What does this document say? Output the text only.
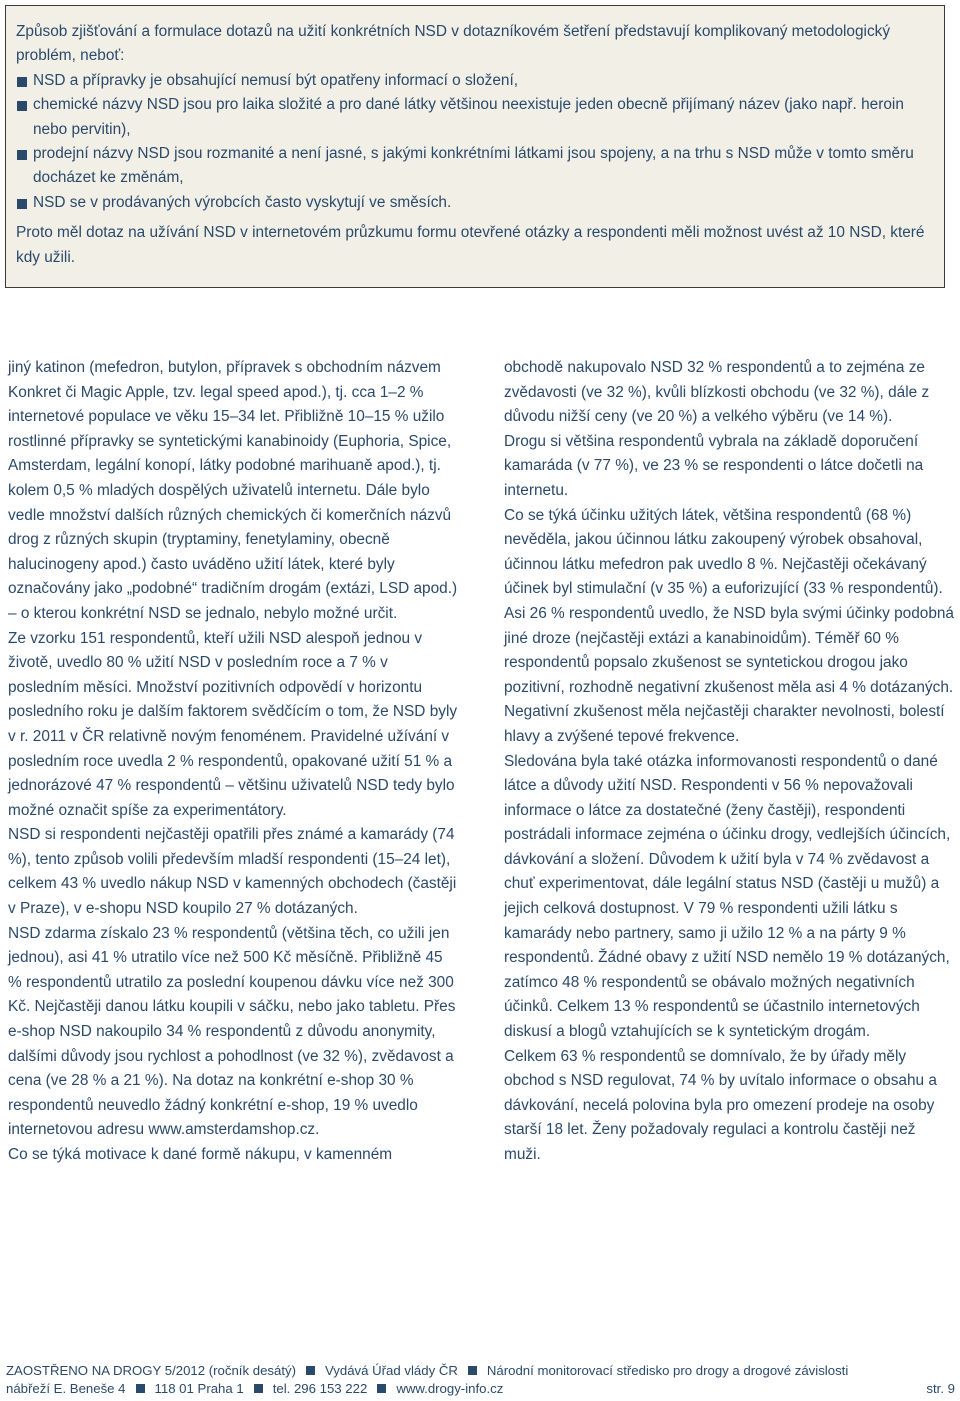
Způsob zjišťování a formulace dotazů na užití konkrétních NSD v dotazníkovém šetření představují komplikovaný metodologický problém, neboť:

NSD a přípravky je obsahující nemusí být opatřeny informací o složení,

chemické názvy NSD jsou pro laika složité a pro dané látky většinou neexistuje jeden obecně přijímaný název (jako např. heroin nebo pervitin),

prodejní názvy NSD jsou rozmanité a není jasné, s jakými konkrétními látkami jsou spojeny, a na trhu s NSD může v tomto směru docházet ke změnám,

NSD se v prodávaných výrobcích často vyskytují ve směsích.

Proto měl dotaz na užívání NSD v internetovém průzkumu formu otevřené otázky a respondenti měli možnost uvést až 10 NSD, které kdy užili.

jiný katinon (mefedron, butylon, přípravek s obchodním názvem Konkret či Magic Apple, tzv. legal speed apod.), tj. cca 1–2 % internetové populace ve věku 15–34 let. Přibližně 10–15 % užilo rostlinné přípravky se syntetickými kanabinoidy (Euphoria, Spice, Amsterdam, legální konopí, látky podobné marihuaně apod.), tj. kolem 0,5 % mladých dospělých uživatelů internetu. Dále bylo vedle množství dalších různých chemických či komerčních názvů drog z různých skupin (tryptaminy, fenetylaminy, obecně halucinogeny apod.) často uváděno užití látek, které byly označovány jako „podobné“ tradičním drogám (extázi, LSD apod.) – o kterou konkrétní NSD se jednalo, nebylo možné určit.

Ze vzorku 151 respondentů, kteří užili NSD alespoň jednou v životě, uvedlo 80 % užití NSD v posledním roce a 7 % v posledním měsíci. Množství pozitivních odpovědí v horizontu posledního roku je dalším faktorem svědčícím o tom, že NSD byly v r. 2011 v ČR relativně novým fenoménem. Pravidelné užívání v posledním roce uvedla 2 % respondentů, opakované užití 51 % a jednorázové 47 % respondentů – většinu uživatelů NSD tedy bylo možné označit spíše za experimentátory.

NSD si respondenti nejčastěji opatřili přes známé a kamarády (74 %), tento způsob volili především mladší respondenti (15–24 let), celkem 43 % uvedlo nákup NSD v kamenných obchodech (častěji v Praze), v e-shopu NSD koupilo 27 % dotázaných.

NSD zdarma získalo 23 % respondentů (většina těch, co užili jen jednou), asi 41 % utratilo více než 500 Kč měsíčně. Přibližně 45 % respondentů utratilo za poslední koupenou dávku více než 300 Kč. Nejčastěji danou látku koupili v sáčku, nebo jako tabletu. Přes e-shop NSD nakoupilo 34 % respondentů z důvodu anonymity, dalšími důvody jsou rychlost a pohodlnost (ve 32 %), zvědavost a cena (ve 28 % a 21 %). Na dotaz na konkrétní e-shop 30 % respondentů neuvedlo žádný konkrétní e-shop, 19 % uvedlo internetovou adresu www.amsterdamshop.cz.

Co se týká motivace k dané formě nákupu, v kamenném

obchodě nakupovalo NSD 32 % respondentů a to zejména ze zvědavosti (ve 32 %), kvůli blízkosti obchodu (ve 32 %), dále z důvodu nižší ceny (ve 20 %) a velkého výběru (ve 14 %).

Drogu si většina respondentů vybrala na základě doporučení kamaráda (v 77 %), ve 23 % se respondenti o látce dočetli na internetu.

Co se týká účinku užitých látek, většina respondentů (68 %) nevěděla, jakou účinnou látku zakoupený výrobek obsahoval, účinnou látku mefedron pak uvedlo 8 %. Nejčastěji očekávaný účinek byl stimulační (v 35 %) a euforizující (33 % respondentů). Asi 26 % respondentů uvedlo, že NSD byla svými účinky podobná jiné droze (nejčastěji extázi a kanabinoidům). Téměř 60 % respondentů popsalo zkušenost se syntetickou drogou jako pozitivní, rozhodně negativní zkušenost měla asi 4 % dotázaných. Negativní zkušenost měla nejčastěji charakter nevolnosti, bolestí hlavy a zvýšené tepové frekvence.

Sledována byla také otázka informovanosti respondentů o dané látce a důvody užití NSD. Respondenti v 56 % nepovažovali informace o látce za dostatečné (ženy častěji), respondenti postrádali informace zejména o účinku drogy, vedlejších účincích, dávkování a složení. Důvodem k užití byla v 74 % zvědavost a chuť experimentovat, dále legální status NSD (častěji u mužů) a jejich celková dostupnost. V 79 % respondenti užili látku s kamarády nebo partnery, samo ji užilo 12 % a na párty 9 % respondentů. Žádné obavy z užití NSD nemělo 19 % dotázaných, zatímco 48 % respondentů se obávalo možných negativních účinků. Celkem 13 % respondentů se účastnilo internetových diskusí a blogů vztahujících se k syntetickým drogám.

Celkem 63 % respondentů se domnívalo, že by úřady měly obchod s NSD regulovat, 74 % by uvítalo informace o obsahu a dávkování, necelá polovina byla pro omezení prodeje na osoby starší 18 let. Ženy požadovaly regulaci a kontrolu častěji než muži.

ZAOSTŘENO NA DROGY 5/2012 (ročník desátý) Vydává Úřad vlády ČR Národní monitorovací středisko pro drogy a drogové závislosti
nábřeží E. Beneše 4 118 01 Praha 1 tel. 296 153 222 www.drogy-info.cz	str. 9
